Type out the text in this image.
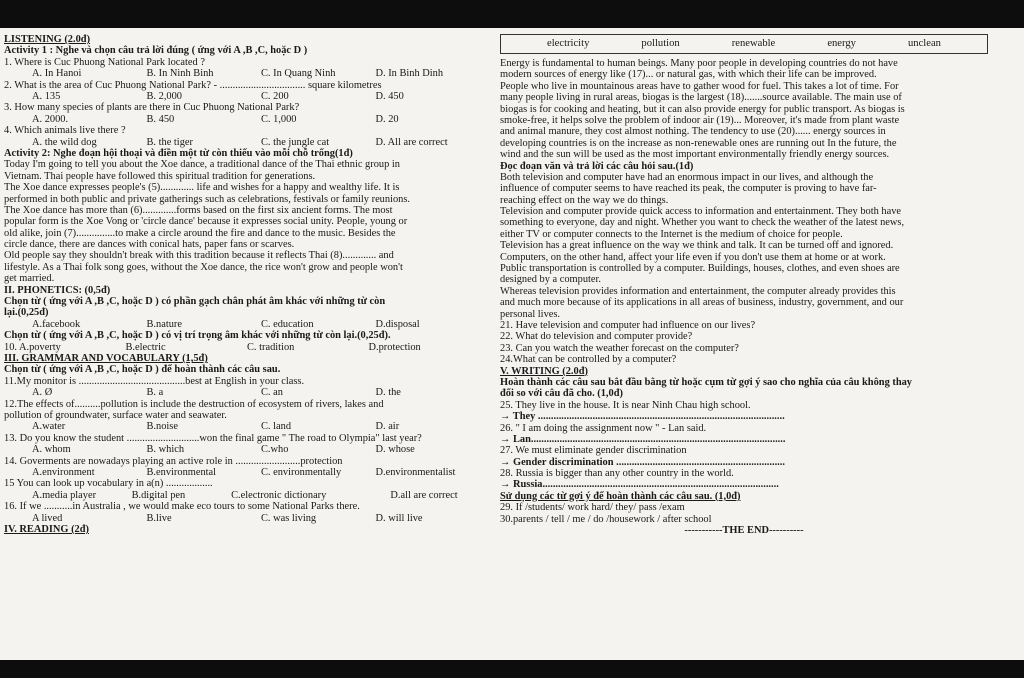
LISTENING (2.0đ)
Activity 1 : Nghe và chọn câu trả lời đúng ( ứng với A ,B ,C, hoặc D )
1. Where is Cuc Phuong National Park located ?
A. In Hanoi	B. In Ninh Binh	C. In Quang Ninh	D. In Binh Dinh
2. What is the area of Cuc Phuong National Park? - ................................. square kilometres
A. 135	B. 2,000	C. 200	D. 450
3. How many species of plants are there in Cuc Phuong National Park?
A. 2000.	B. 450	C. 1,000	D. 20
4. Which animals live there ?
A. the wild dog	B. the tiger	C. the jungle cat	D. All are correct
Activity 2: Nghe đoạn hội thoại và điền một từ còn thiếu vào mỗi chỗ trống(1đ)
Today I'm going to tell you about the Xoe dance, a traditional dance of the Thai ethnic group in
Vietnam. Thai people have followed this spiritual tradition for generations.
The Xoe dance expresses people's (5)............. life and wishes for a happy and wealthy life. It is
performed in both public and private gatherings such as celebrations, festivals or family reunions.
The Xoe dance has more than (6).............forms based on the first six ancient forms. The most
popular form is the Xoe Vong or 'circle dance' because it expresses social unity. People, young or
old alike, join (7)...............to make a circle around the fire and dance to the music. Besides the
circle dance, there are dances with conical hats, paper fans or scarves.
Old people say they shouldn't break with this tradition because it reflects Thai (8)............. and
lifestyle. As a Thai folk song goes, without the Xoe dance, the rice won't grow and people won't
get married.
II. PHONETICS: (0,5đ)
Chọn từ ( ứng với A ,B ,C, hoặc D ) có phần gạch chân phát âm khác với những từ còn
lại.(0,25đ)
A.facebook	B.nature	C. education	D.disposal
Chọn từ ( ứng với A ,B ,C, hoặc D ) có vị trí trọng âm khác với những từ còn lại.(0,25đ).
10. A.poverty	B.electric	C. tradition	D.protection
III. GRAMMAR AND VOCABULARY (1,5đ)
Chọn từ ( ứng với A ,B ,C, hoặc D ) để hoàn thành các câu sau.
11.My monitor is .........................................best at English in your class.
A. Ø	B. a	C. an	D. the
12.The effects of..........pollution is include the destruction of ecosystem of rivers, lakes and
pollution of groundwater, surface water and seawater.
A.water	B.noise	C. land	D. air
13. Do you know the student ............................won the final game " The road to Olympia" last year?
A. whom	B. which	C.who	D. whose
14. Goverments are nowadays playing an active role in .........................protection
A.environment	B.environmental	C. environmentally	D.environmentalist
15 You can look up vocabulary in a(n) ..................
A.media player	B.digital pen	C.electronic dictionary	D.all are correct
16. If we ...........in Australia , we would make eco tours to some National Parks there.
A lived	B.live	C. was living	D. will live
IV. READING (2đ)
electricity	pollution	renewable	energy	unclean
Energy is fundamental to human beings. Many poor people in developing countries do not have
modern sources of energy like (17)... or natural gas, with which their life can be improved.
People who live in mountainous areas have to gather wood for fuel. This takes a lot of time. For
many people living in rural areas, biogas is the largest (18).......source available. The main use of
biogas is for cooking and heating, but it can also provide energy for public transport. As biogas is
smoke-free, it helps solve the problem of indoor air (19)... Moreover, it's made from plant waste
and animal manure, they cost almost nothing. The tendency to use (20)...... energy sources in
developing countries is on the increase as non-renewable ones are running out In the future, the
wind and the sun will be used as the most important environmentally friendly energy sources.
Đọc đoạn văn và trả lời các câu hỏi sau.(1đ)
Both television and computer have had an enormous impact in our lives, and although the
influence of computer seems to have reached its peak, the computer is proving to have far-
reaching effect on the way we do things.
Television and computer provide quick access to information and entertainment. They both have
something to everyone, day and night. Whether you want to check the weather of the latest news,
either TV or computer connects to the Internet is the medium of choice for people.
Television has a great influence on the way we think and talk. It can be turned off and ignored.
Computers, on the other hand, affect your life even if you don't use them at home or at work.
Public transportation is controlled by a computer. Buildings, houses, clothes, and even shoes are
designed by a computer.
Whereas television provides information and entertainment, the computer already provides this
and much more because of its applications in all areas of business, industry, government, and our
personal lives.
21. Have television and computer had influence on our lives?
22. What do television and computer provide?
23. Can you watch the weather forecast on the computer?
24.What can be controlled by a computer?
V. WRITING (2.0đ)
Hoàn thành các câu sau bắt đầu bằng từ hoặc cụm từ gợi ý sao cho nghĩa của câu không thay
đổi so với câu đã cho. (1,0đ)
25. They live in the house. It is near Ninh Chau high school.
→ They ...............................................................................................
26. " I am doing the assignment now " - Lan said.
→ Lan..................................................................................................
27. We must eliminate gender discrimination
→ Gender discrimination .................................................................
28. Russia is bigger than any other country in the world.
→ Russia...........................................................................................
Sử dụng các từ gợi ý để hoàn thành các câu sau. (1,0đ)
29. If /students/ work hard/ they/ pass /exam
30.parents / tell / me / do /housework / after school
-----------THE END----------
